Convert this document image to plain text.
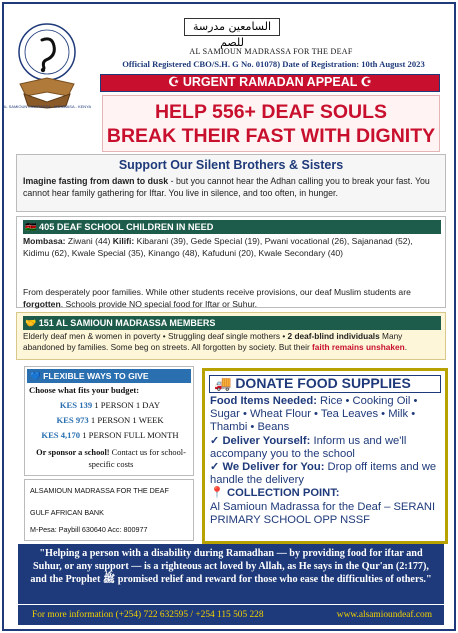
AL SAMIOUN MADRASSA · MOMBASA - KENYA
السامعين مدرسة للصم
AL SAMIOUN MADRASSA FOR THE DEAF
Official Registered CBO/S.H. G No. 01078) Date of Registration: 10th August 2023
☪ URGENT RAMADAN APPEAL ☪
HELP 556+ DEAF SOULS
BREAK THEIR FAST WITH DIGNITY
Support Our Silent Brothers & Sisters
Imagine fasting from dawn to dusk - but you cannot hear the Adhan calling you to break your fast. You cannot hear family gathering for Iftar. You live in silence, and too often, in hunger.
🇰🇪 405 DEAF SCHOOL CHILDREN IN NEED
Mombasa: Ziwani (44) Kilifi: Kibarani (39), Gede Special (19), Pwani vocational (26), Sajananad (52), Kidimu (62), Kwale Special (35), Kinango (48), Kafuduni (20), Kwale Secondary (40)
From desperately poor families. While other students receive provisions, our deaf Muslim students are forgotten. Schools provide NO special food for Iftar or Suhur.
🤝 151 AL SAMIOUN MADRASSA MEMBERS
Elderly deaf men & women in poverty • Struggling deaf single mothers • 2 deaf-blind individuals Many abandoned by families. Some beg on streets. All forgotten by society. But their faith remains unshaken.
💙 FLEXIBLE WAYS TO GIVE
Choose what fits your budget:
KES 139 1 PERSON 1 DAY
KES 973 1 PERSON 1 WEEK
KES 4,170 1 PERSON FULL MONTH
Or sponsor a school! Contact us for school-specific costs
ALSAMIOUN MADRASSA FOR THE DEAF
GULF AFRICAN BANK
M-Pesa: Paybill 630640 Acc: 800977
🚚 DONATE FOOD SUPPLIES
Food Items Needed: Rice • Cooking Oil • Sugar • Wheat Flour • Tea Leaves • Milk • Thambi • Beans
✓ Deliver Yourself: Inform us and we'll accompany you to the school
✓ We Deliver for You: Drop off items and we handle the delivery
📍 COLLECTION POINT:
Al Samioun Madrassa for the Deaf – SERANI PRIMARY SCHOOL OPP NSSF
"Helping a person with a disability during Ramadhan — by providing food for iftar and Suhur, or any support — is a righteous act loved by Allah, as He says in the Qur'an (2:177), and the Prophet ﷺ promised relief and reward for those who ease the difficulties of others."
For more information (+254) 722 632595 / +254 115 505 228	www.alsamioundeaf.com
